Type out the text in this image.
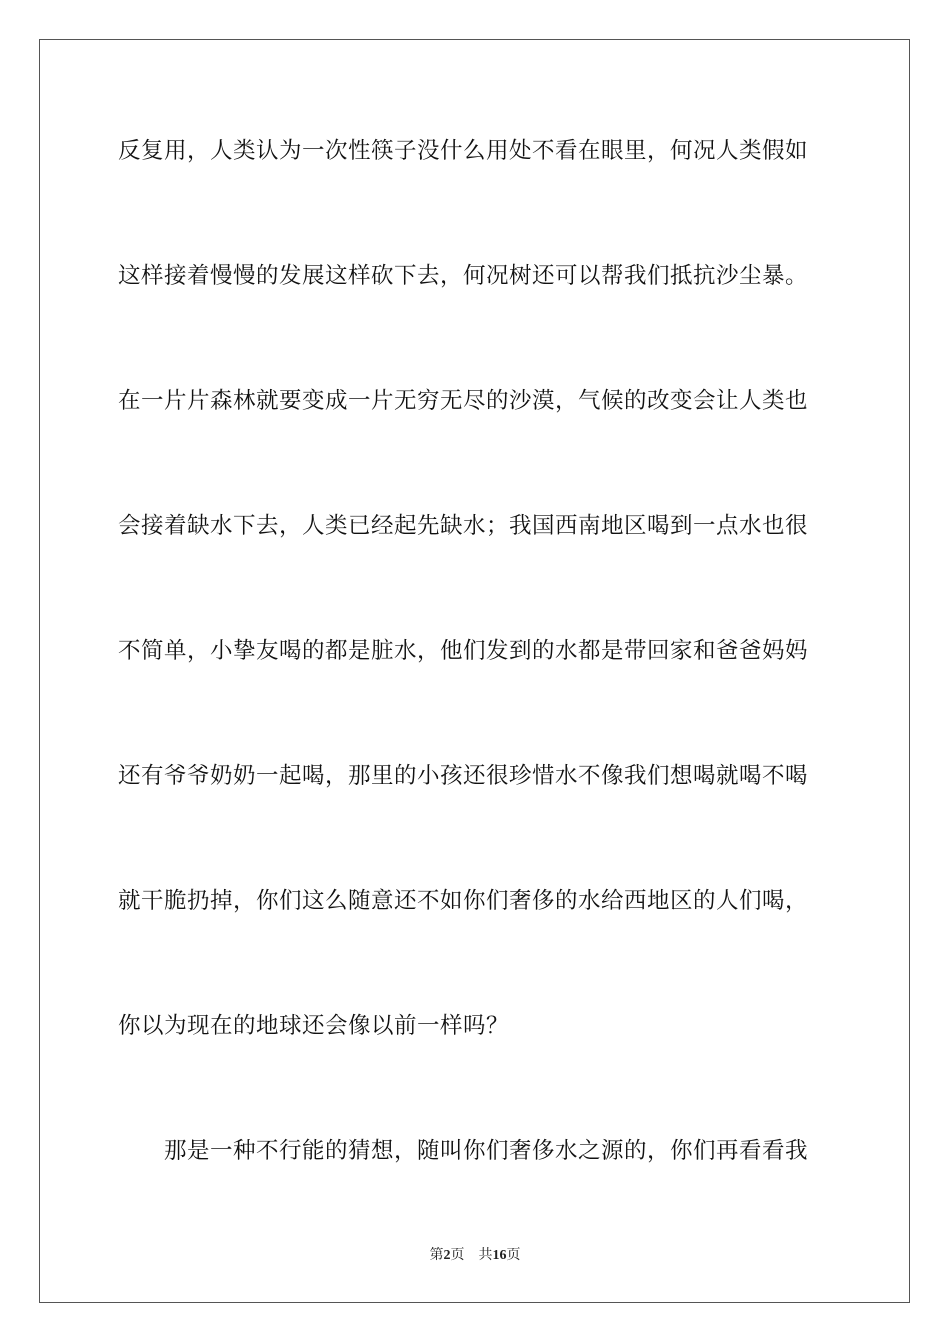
反复用，人类认为一次性筷子没什么用处不看在眼里，何况人类假如
这样接着慢慢的发展这样砍下去，何况树还可以帮我们抵抗沙尘暴。
在一片片森林就要变成一片无穷无尽的沙漠，气候的改变会让人类也
会接着缺水下去，人类已经起先缺水；我国西南地区喝到一点水也很
不简单，小挚友喝的都是脏水，他们发到的水都是带回家和爸爸妈妈
还有爷爷奶奶一起喝，那里的小孩还很珍惜水不像我们想喝就喝不喝
就干脆扔掉，你们这么随意还不如你们奢侈的水给西地区的人们喝，
你以为现在的地球还会像以前一样吗？
　　那是一种不行能的猜想，随叫你们奢侈水之源的，你们再看看我
第2页 共16页
